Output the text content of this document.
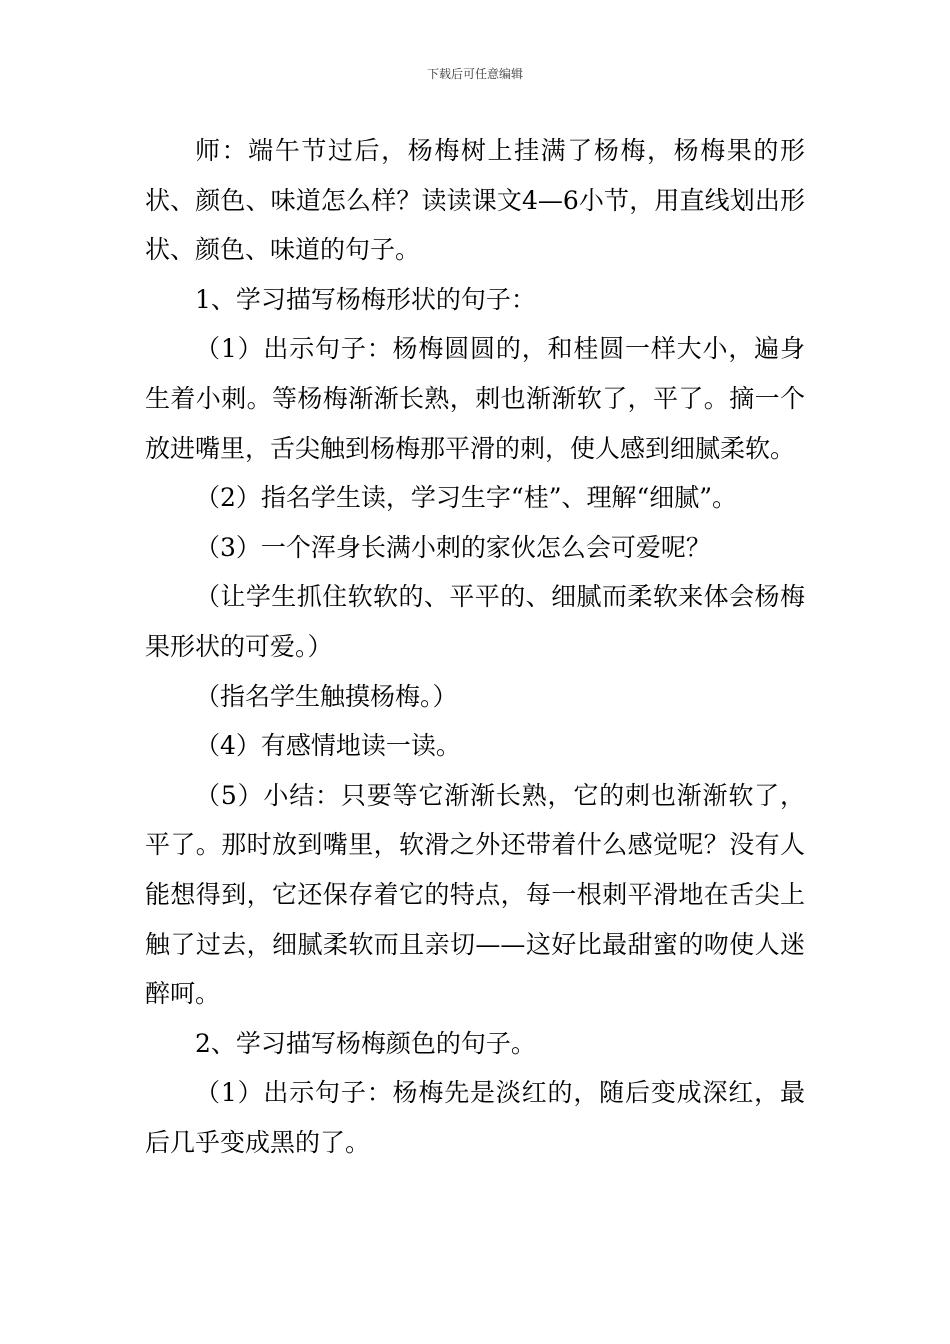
下载后可任意编辑

师：端午节过后，杨梅树上挂满了杨梅，杨梅果的形状、颜色、味道怎么样？读读课文4—6小节，用直线划出形状、颜色、味道的句子。

1、学习描写杨梅形状的句子：

（1）出示句子：杨梅圆圆的，和桂圆一样大小，遍身生着小刺。等杨梅渐渐长熟，刺也渐渐软了，平了。摘一个放进嘴里，舌尖触到杨梅那平滑的刺，使人感到细腻柔软。

（2）指名学生读，学习生字“桂”、理解“细腻”。

（3）一个浑身长满小刺的家伙怎么会可爱呢？

（让学生抓住软软的、平平的、细腻而柔软来体会杨梅果形状的可爱。）

（指名学生触摸杨梅。）

（4）有感情地读一读。

（5）小结：只要等它渐渐长熟，它的刺也渐渐软了，平了。那时放到嘴里，软滑之外还带着什么感觉呢？没有人能想得到，它还保存着它的特点，每一根刺平滑地在舌尖上触了过去，细腻柔软而且亲切——这好比最甜蜜的吻使人迷醉呵。

2、学习描写杨梅颜色的句子。

（1）出示句子：杨梅先是淡红的，随后变成深红，最后几乎变成黑的了。
